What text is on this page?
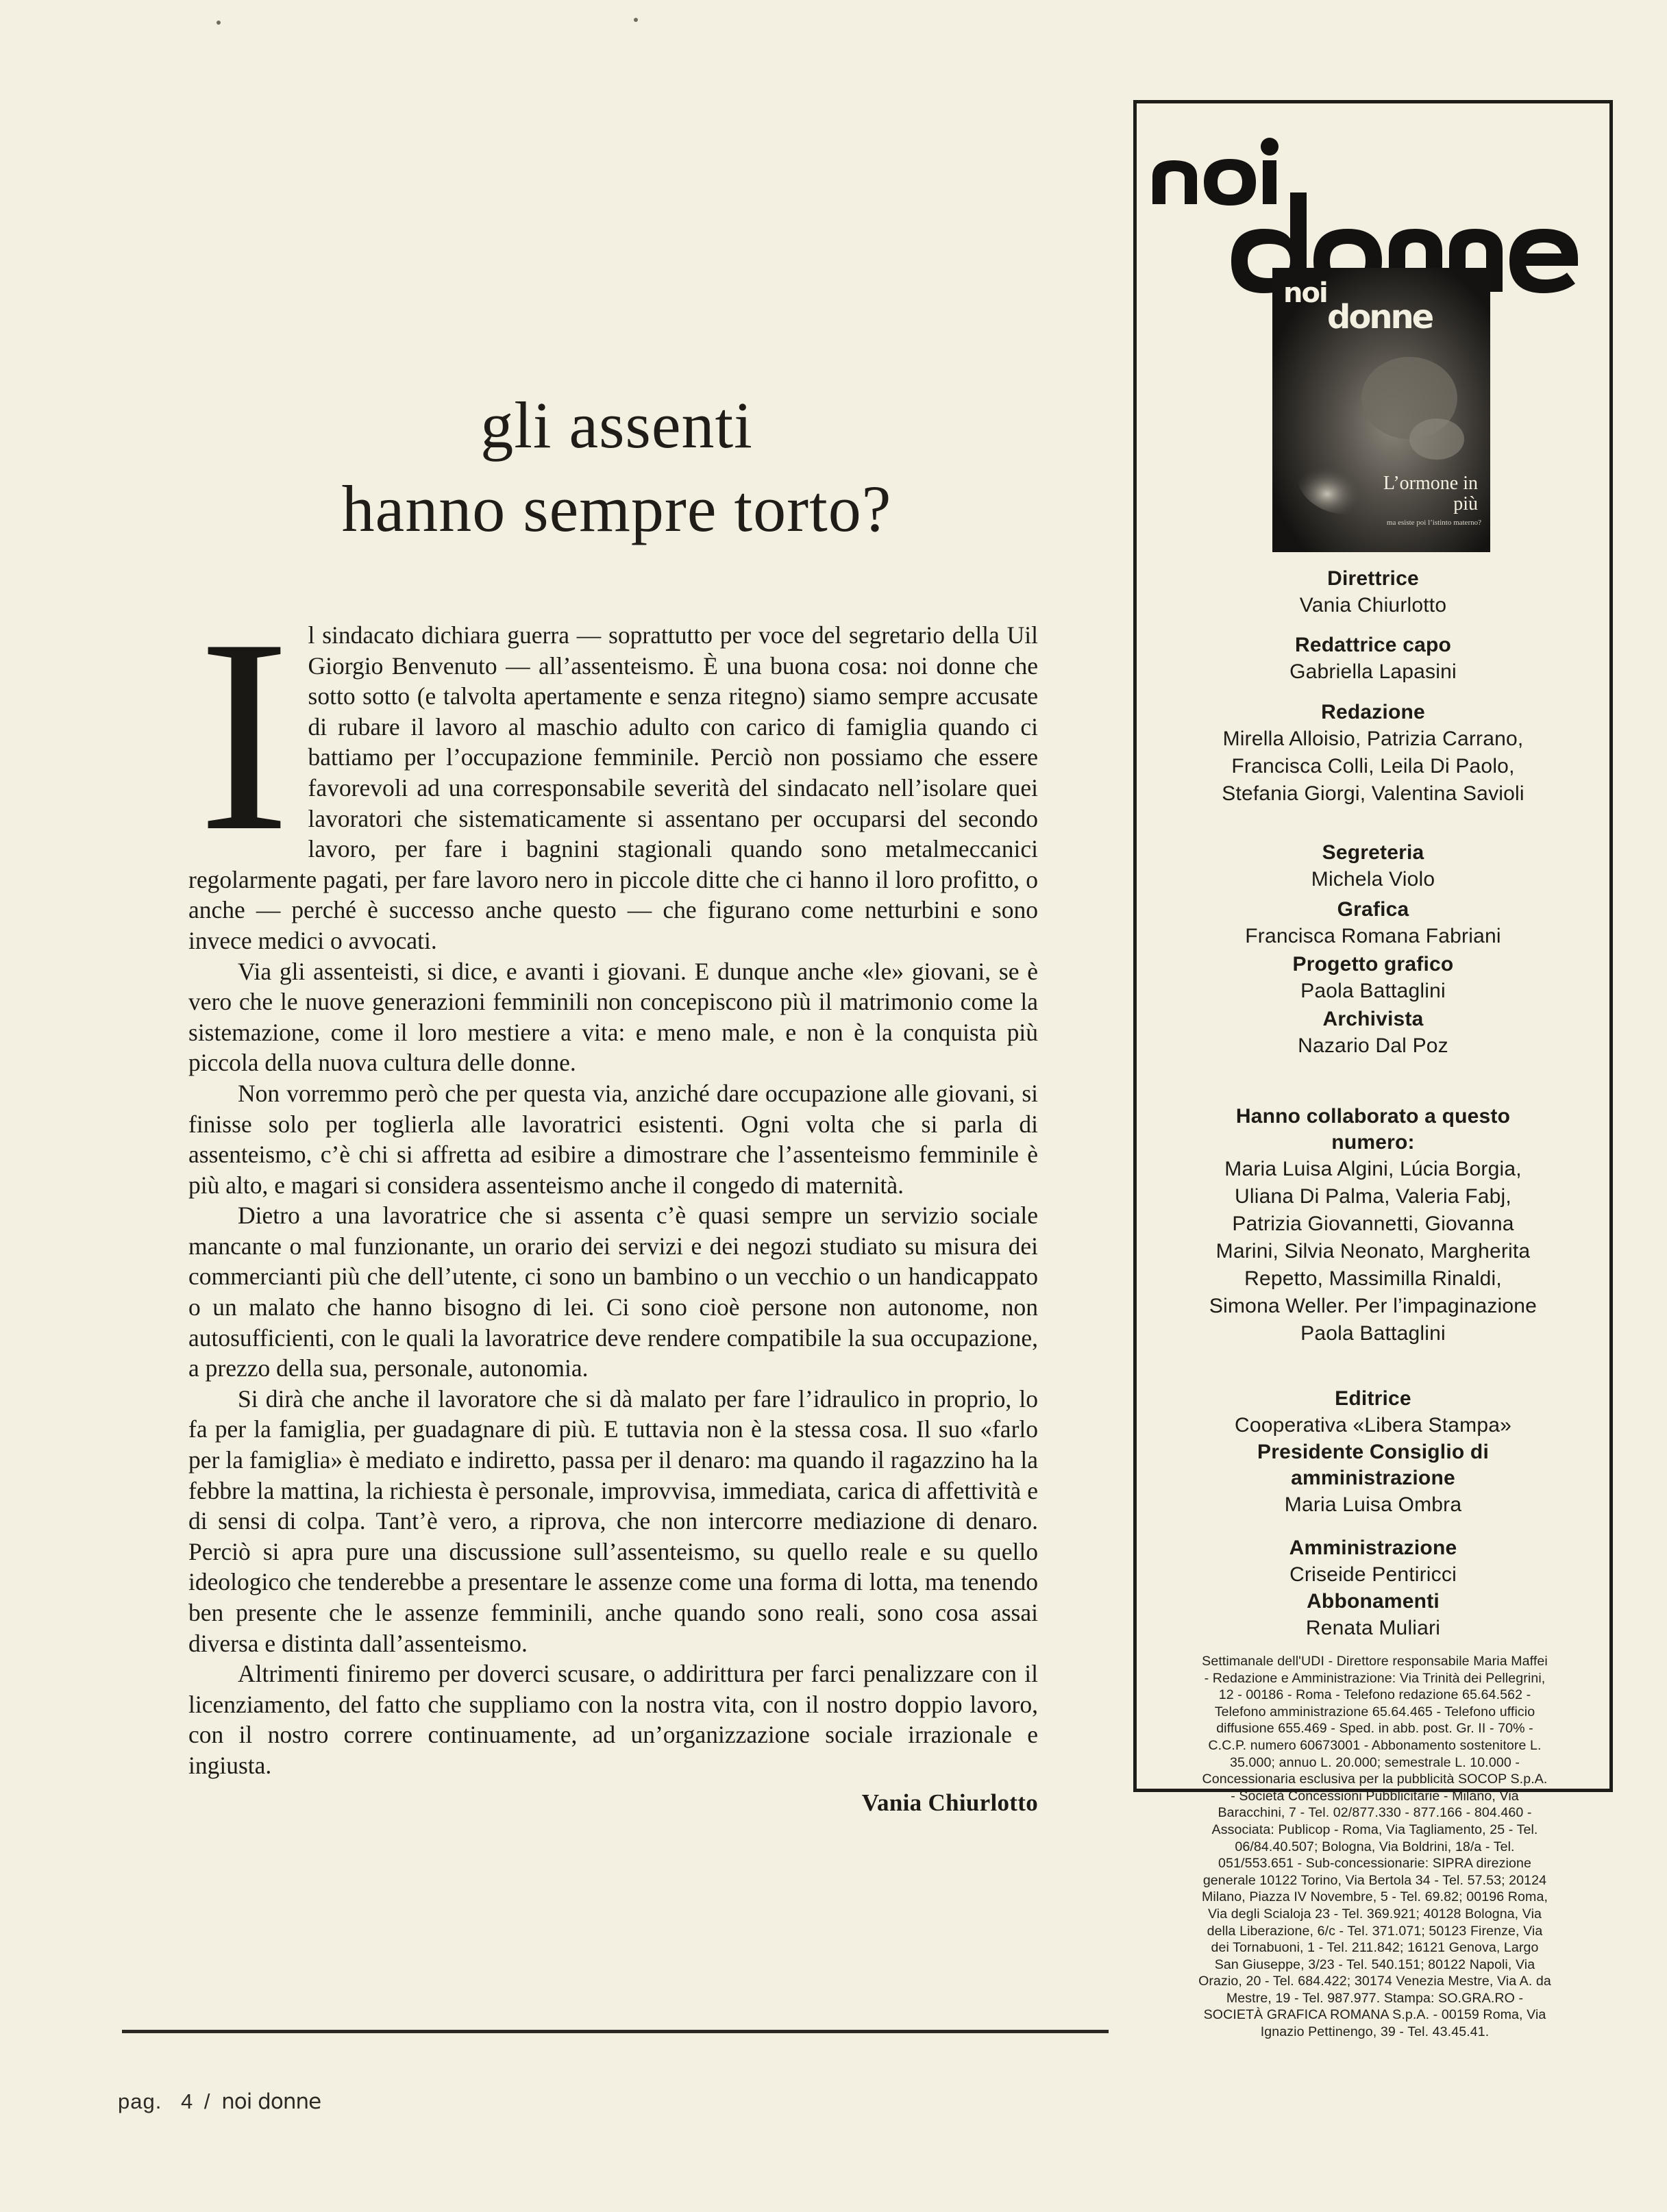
gli assenti
hanno sempre torto?
I l sindacato dichiara guerra — soprattutto per voce del segretario della Uil Giorgio Benvenuto — all’assenteismo. È una buona cosa: noi donne che sotto sotto (e talvolta apertamente e senza ritegno) siamo sempre accusate di rubare il lavoro al maschio adulto con carico di famiglia quando ci battiamo per l’occupazione femminile. Perciò non possiamo che essere favorevoli ad una corresponsabile severità del sindacato nell’isolare quei lavoratori che sistematicamente si assentano per occuparsi del secondo lavoro, per fare i bagnini stagionali quando sono metalmeccanici regolarmente pagati, per fare lavoro nero in piccole ditte che ci hanno il loro profitto, o anche — perché è successo anche questo — che figurano come netturbini e sono invece medici o avvocati.

Via gli assenteisti, si dice, e avanti i giovani. E dunque anche «le» giovani, se è vero che le nuove generazioni femminili non concepiscono più il matrimonio come la sistemazione, come il loro mestiere a vita: e meno male, e non è la conquista più piccola della nuova cultura delle donne.

Non vorremmo però che per questa via, anziché dare occupazione alle giovani, si finisse solo per toglierla alle lavoratrici esistenti. Ogni volta che si parla di assenteismo, c’è chi si affretta ad esibire a dimostrare che l’assenteismo femminile è più alto, e magari si considera assenteismo anche il congedo di maternità.

Dietro a una lavoratrice che si assenta c’è quasi sempre un servizio sociale mancante o mal funzionante, un orario dei servizi e dei negozi studiato su misura dei commercianti più che dell’utente, ci sono un bambino o un vecchio o un handicappato o un malato che hanno bisogno di lei. Ci sono cioè persone non autonome, non autosufficienti, con le quali la lavoratrice deve rendere compatibile la sua occupazione, a prezzo della sua, personale, autonomia.

Si dirà che anche il lavoratore che si dà malato per fare l’idraulico in proprio, lo fa per la famiglia, per guadagnare di più. E tuttavia non è la stessa cosa. Il suo «farlo per la famiglia» è mediato e indiretto, passa per il denaro: ma quando il ragazzino ha la febbre la mattina, la richiesta è personale, improvvisa, immediata, carica di affettività e di sensi di colpa. Tant’è vero, a riprova, che non intercorre mediazione di denaro. Perciò si apra pure una discussione sull’assenteismo, su quello reale e su quello ideologico che tenderebbe a presentare le assenze come una forma di lotta, ma tenendo ben presente che le assenze femminili, anche quando sono reali, sono cosa assai diversa e distinta dall’assenteismo.

Altrimenti finiremo per doverci scusare, o addirittura per farci penalizzare con il licenziamento, del fatto che suppliamo con la nostra vita, con il nostro doppio lavoro, con il nostro correre continuamente, ad un’organizzazione sociale irrazionale e ingiusta.

Vania Chiurlotto
pag. 4 / noi donne
noi
donne
L’ormone in più
ma esiste poi l’istinto materno?
Direttrice
Vania Chiurlotto
Redattrice capo
Gabriella Lapasini
Redazione
Mirella Alloisio, Patrizia Carrano,
Francisca Colli, Leila Di Paolo,
Stefania Giorgi, Valentina Savioli
Segreteria
Michela Violo
Grafica
Francisca Romana Fabriani
Progetto grafico
Paola Battaglini
Archivista
Nazario Dal Poz
Hanno collaborato a questo
numero:
Maria Luisa Algini, Lúcia Borgia,
Uliana Di Palma, Valeria Fabj,
Patrizia Giovannetti, Giovanna
Marini, Silvia Neonato, Margherita
Repetto, Massimilla Rinaldi,
Simona Weller. Per l’impaginazione
Paola Battaglini
Editrice
Cooperativa «Libera Stampa»
Presidente Consiglio di
amministrazione
Maria Luisa Ombra
Amministrazione
Criseide Pentiricci
Abbonamenti
Renata Muliari
Settimanale dell'UDI - Direttore responsabile Maria Maffei
- Redazione e Amministrazione: Via Trinità dei Pellegrini,
12 - 00186 - Roma - Telefono redazione 65.64.562 -
Telefono amministrazione 65.64.465 - Telefono ufficio
diffusione 655.469 - Sped. in abb. post. Gr. II - 70% -
C.C.P. numero 60673001 - Abbonamento sostenitore L.
35.000; annuo L. 20.000; semestrale L. 10.000 -
Concessionaria esclusiva per la pubblicità SOCOP S.p.A.
- Società Concessioni Pubblicitarie - Milano, Via
Baracchini, 7 - Tel. 02/877.330 - 877.166 - 804.460 -
Associata: Publicop - Roma, Via Tagliamento, 25 - Tel.
06/84.40.507; Bologna, Via Boldrini, 18/a - Tel.
051/553.651 - Sub-concessionarie: SIPRA direzione
generale 10122 Torino, Via Bertola 34 - Tel. 57.53; 20124
Milano, Piazza IV Novembre, 5 - Tel. 69.82; 00196 Roma,
Via degli Scialoja 23 - Tel. 369.921; 40128 Bologna, Via
della Liberazione, 6/c - Tel. 371.071; 50123 Firenze, Via
dei Tornabuoni, 1 - Tel. 211.842; 16121 Genova, Largo
San Giuseppe, 3/23 - Tel. 540.151; 80122 Napoli, Via
Orazio, 20 - Tel. 684.422; 30174 Venezia Mestre, Via A. da
Mestre, 19 - Tel. 987.977. Stampa: SO.GRA.RO -
SOCIETÀ GRAFICA ROMANA S.p.A. - 00159 Roma, Via
Ignazio Pettinengo, 39 - Tel. 43.45.41.
